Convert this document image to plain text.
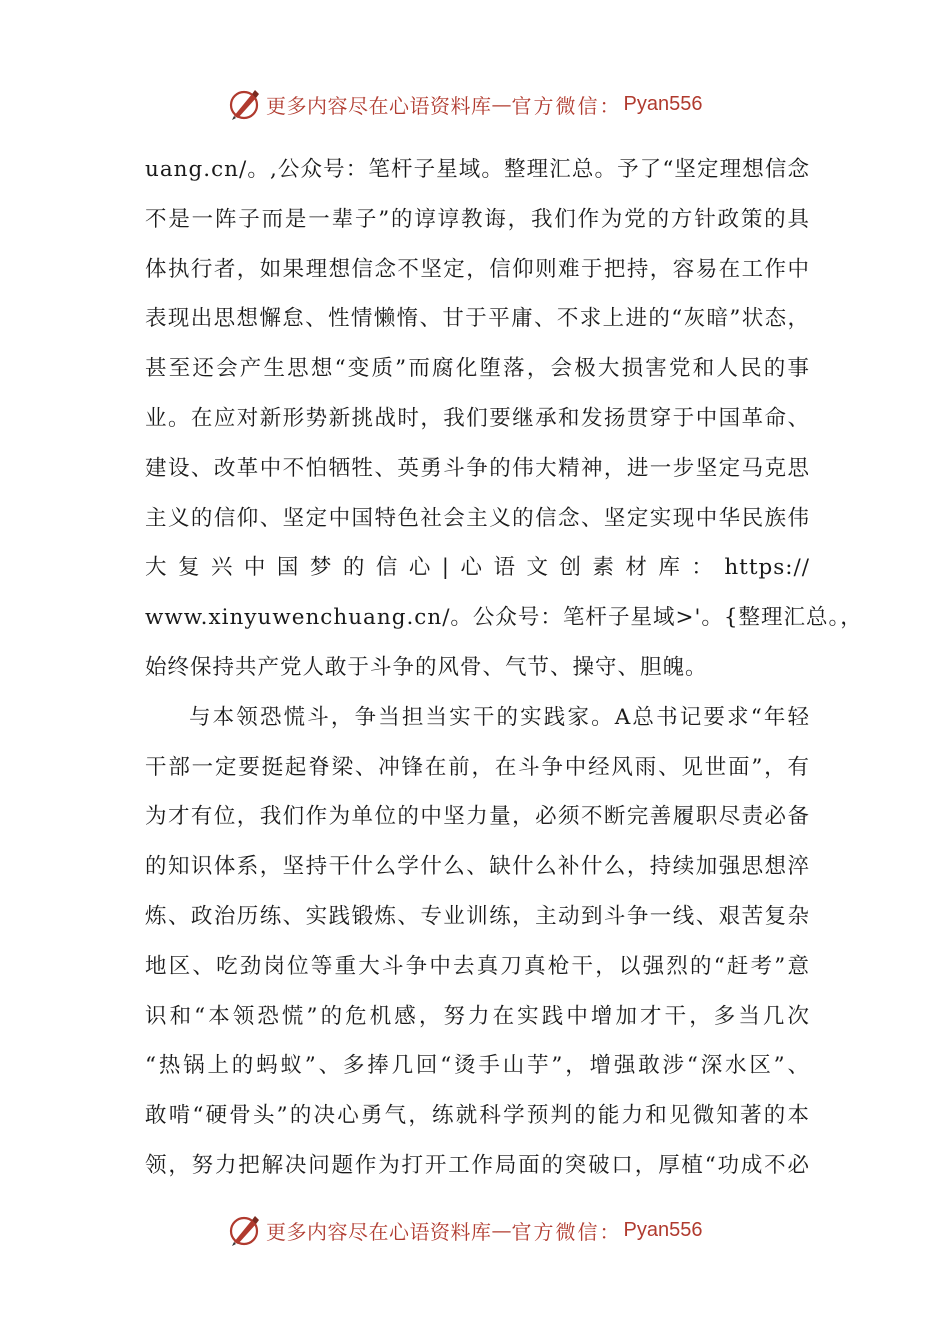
更多内容尽在心语资料库 — 官方微信： Pyan556
uang.cn/。,公众号：笔杆子星域。整理汇总。予了“坚定理想信念
不是一阵子而是一辈子”的谆谆教诲，我们作为党的方针政策的具
体执行者，如果理想信念不坚定，信仰则难于把持，容易在工作中
表现出思想懈怠、性情懒惰、甘于平庸、不求上进的“灰暗”状态，
甚至还会产生思想“变质”而腐化堕落，会极大损害党和人民的事
业。在应对新形势新挑战时，我们要继承和发扬贯穿于中国革命、
建设、改革中不怕牺牲、英勇斗争的伟大精神，进一步坚定马克思
主义的信仰、坚定中国特色社会主义的信念、坚定实现中华民族伟
大复兴中国梦的信心|心语文创素材库：https://
www.xinyuwenchuang.cn/。公众号：笔杆子星域>'。{整理汇总。，
始终保持共产党人敢于斗争的风骨、气节、操守、胆魄。
与本领恐慌斗，争当担当实干的实践家。A总书记要求“年轻
干部一定要挺起脊梁、冲锋在前，在斗争中经风雨、见世面”，有
为才有位，我们作为单位的中坚力量，必须不断完善履职尽责必备
的知识体系，坚持干什么学什么、缺什么补什么，持续加强思想淬
炼、政治历练、实践锻炼、专业训练，主动到斗争一线、艰苦复杂
地区、吃劲岗位等重大斗争中去真刀真枪干，以强烈的“赶考”意
识和“本领恐慌”的危机感，努力在实践中增加才干，多当几次
“热锅上的蚂蚁”、多捧几回“烫手山芋”，增强敢涉“深水区”、
敢啃“硬骨头”的决心勇气，练就科学预判的能力和见微知著的本
领，努力把解决问题作为打开工作局面的突破口，厚植“功成不必
更多内容尽在心语资料库 — 官方微信： Pyan556
